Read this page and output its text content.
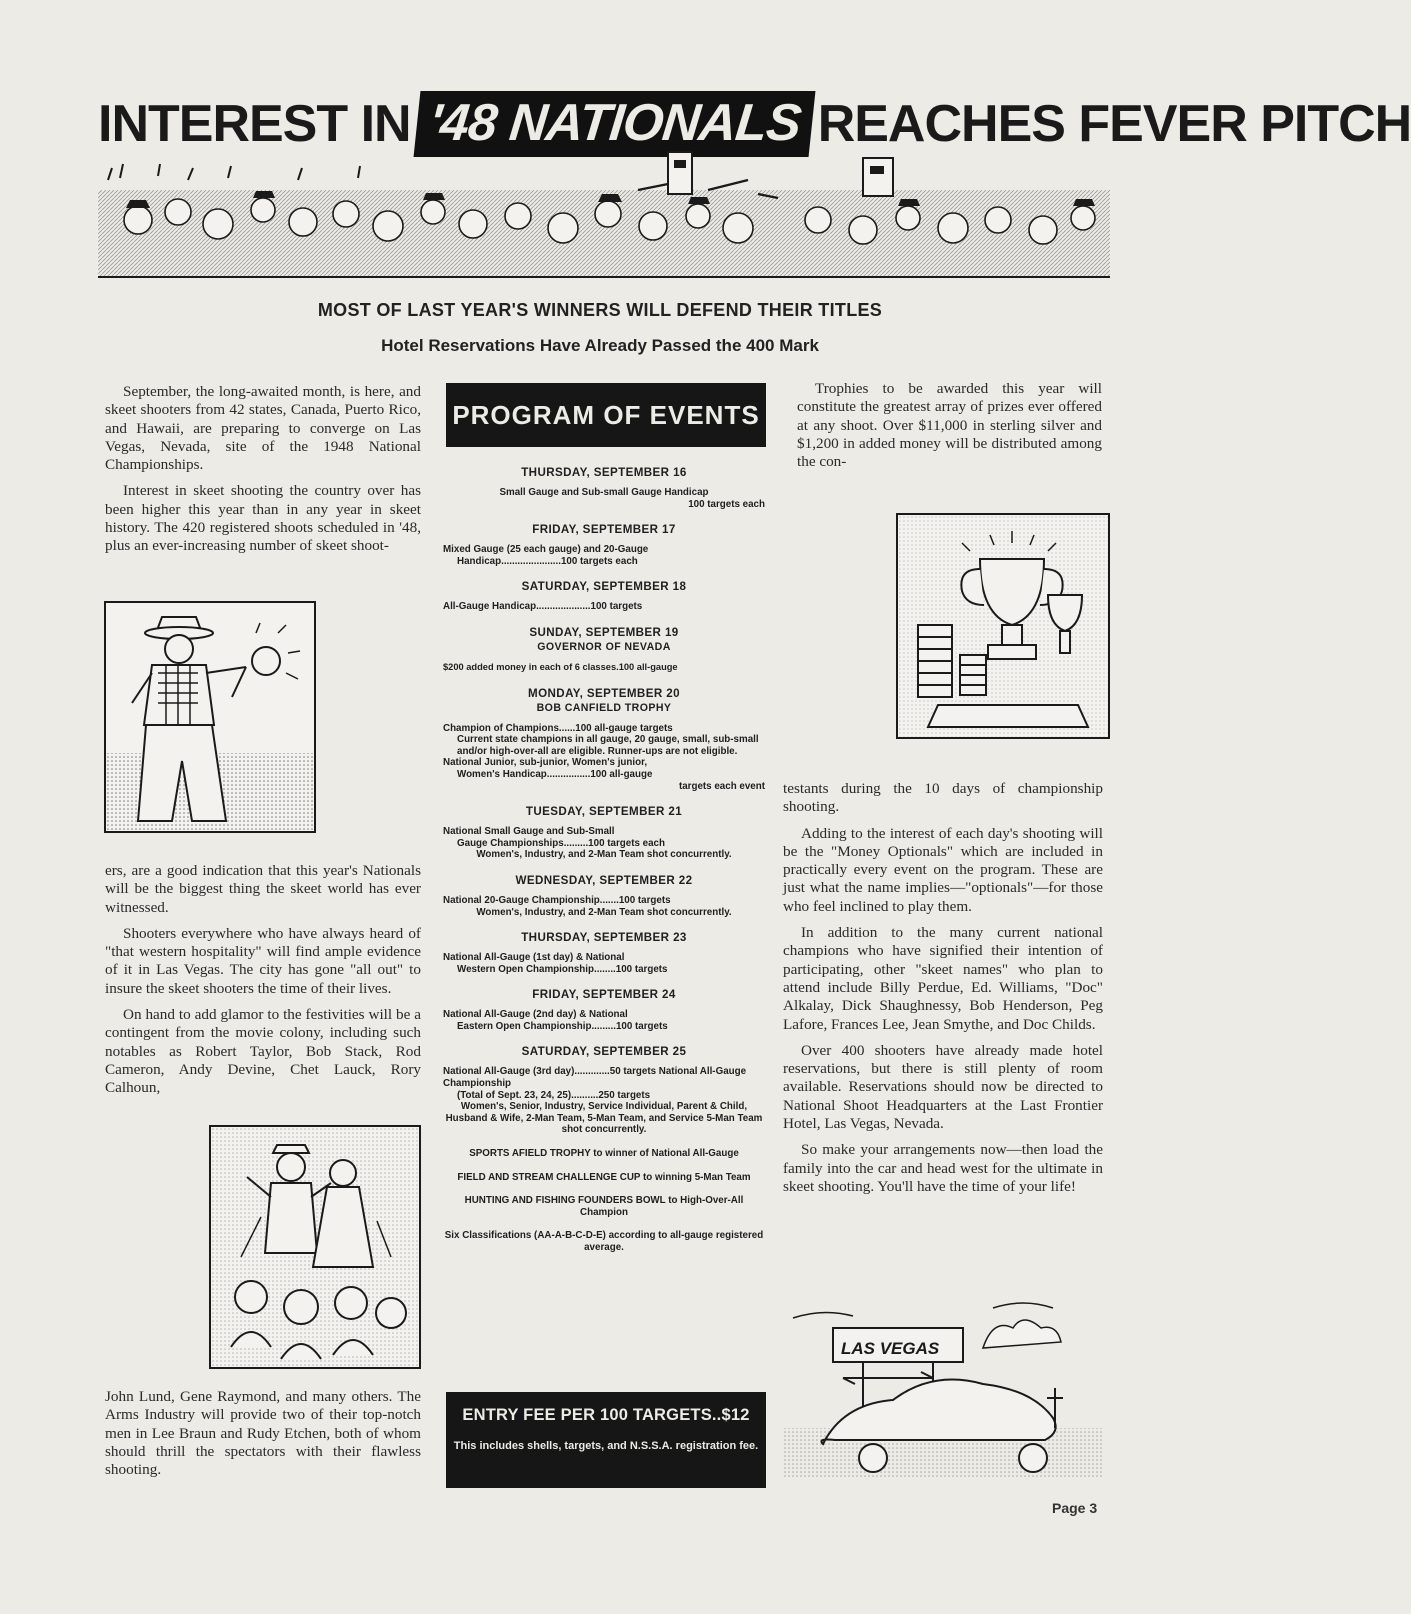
INTEREST IN '48 NATIONALS REACHES FEVER PITCH
MOST OF LAST YEAR'S WINNERS WILL DEFEND THEIR TITLES
Hotel Reservations Have Already Passed the 400 Mark

September, the long-awaited month, is here, and skeet shooters from 42 states, Canada, Puerto Rico, and Hawaii, are preparing to converge on Las Vegas, Nevada, site of the 1948 National Championships.

Interest in skeet shooting the country over has been higher this year than in any year in skeet history. The 420 registered shoots scheduled in '48, plus an ever-increasing number of skeet shoot-

ers, are a good indication that this year's Nationals will be the biggest thing the skeet world has ever witnessed.

Shooters everywhere who have always heard of "that western hospitality" will find ample evidence of it in Las Vegas. The city has gone "all out" to insure the skeet shooters the time of their lives.

On hand to add glamor to the festivities will be a contingent from the movie colony, including such notables as Robert Taylor, Bob Stack, Rod Cameron, Andy Devine, Chet Lauck, Rory Calhoun,

John Lund, Gene Raymond, and many others. The Arms Industry will provide two of their top-notch men in Lee Braun and Rudy Etchen, both of whom should thrill the spectators with their flawless shooting.

PROGRAM OF EVENTS

THURSDAY, SEPTEMBER 16

Small Gauge and Sub-small Gauge Handicap
100 targets each

FRIDAY, SEPTEMBER 17

Mixed Gauge (25 each gauge) and 20-Gauge
Handicap......................100 targets each

SATURDAY, SEPTEMBER 18

All-Gauge Handicap....................100 targets

SUNDAY, SEPTEMBER 19

GOVERNOR OF NEVADA

$200 added money in each of 6 classes.100 all-gauge

MONDAY, SEPTEMBER 20

BOB CANFIELD TROPHY

Champion of Champions......100 all-gauge targets
Current state champions in all gauge, 20 gauge, small, sub-small and/or high-over-all are eligible. Runner-ups are not eligible.
National Junior, sub-junior, Women's junior,
Women's Handicap................100 all-gauge
targets each event

TUESDAY, SEPTEMBER 21

National Small Gauge and Sub-Small
Gauge Championships.........100 targets each
Women's, Industry, and 2-Man Team shot concurrently.

WEDNESDAY, SEPTEMBER 22

National 20-Gauge Championship.......100 targets
Women's, Industry, and 2-Man Team shot concurrently.

THURSDAY, SEPTEMBER 23

National All-Gauge (1st day) & National
Western Open Championship........100 targets

FRIDAY, SEPTEMBER 24

National All-Gauge (2nd day) & National
Eastern Open Championship.........100 targets

SATURDAY, SEPTEMBER 25

National All-Gauge (3rd day).............50 targets National All-Gauge Championship
(Total of Sept. 23, 24, 25)..........250 targets
Women's, Senior, Industry, Service Individual, Parent & Child, Husband & Wife, 2-Man Team, 5-Man Team, and Service 5-Man Team shot concurrently.

SPORTS AFIELD TROPHY to winner of National All-Gauge

FIELD AND STREAM CHALLENGE CUP to winning 5-Man Team

HUNTING AND FISHING FOUNDERS BOWL to High-Over-All Champion

Six Classifications (AA-A-B-C-D-E) according to all-gauge registered average.

ENTRY FEE PER 100 TARGETS..$12
This includes shells, targets, and N.S.S.A. registration fee.

Trophies to be awarded this year will constitute the greatest array of prizes ever offered at any shoot. Over $11,000 in sterling silver and $1,200 in added money will be distributed among the con-

testants during the 10 days of championship shooting.

Adding to the interest of each day's shooting will be the "Money Optionals" which are included in practically every event on the program. These are just what the name implies—"optionals"—for those who feel inclined to play them.

In addition to the many current national champions who have signified their intention of participating, other "skeet names" who plan to attend include Billy Perdue, Ed. Williams, "Doc" Alkalay, Dick Shaughnessy, Bob Henderson, Peg Lafore, Frances Lee, Jean Smythe, and Doc Childs.

Over 400 shooters have already made hotel reservations, but there is still plenty of room available. Reservations should now be directed to National Shoot Headquarters at the Last Frontier Hotel, Las Vegas, Nevada.

So make your arrangements now—then load the family into the car and head west for the ultimate in skeet shooting. You'll have the time of your life!

LAS VEGAS
Page 3
